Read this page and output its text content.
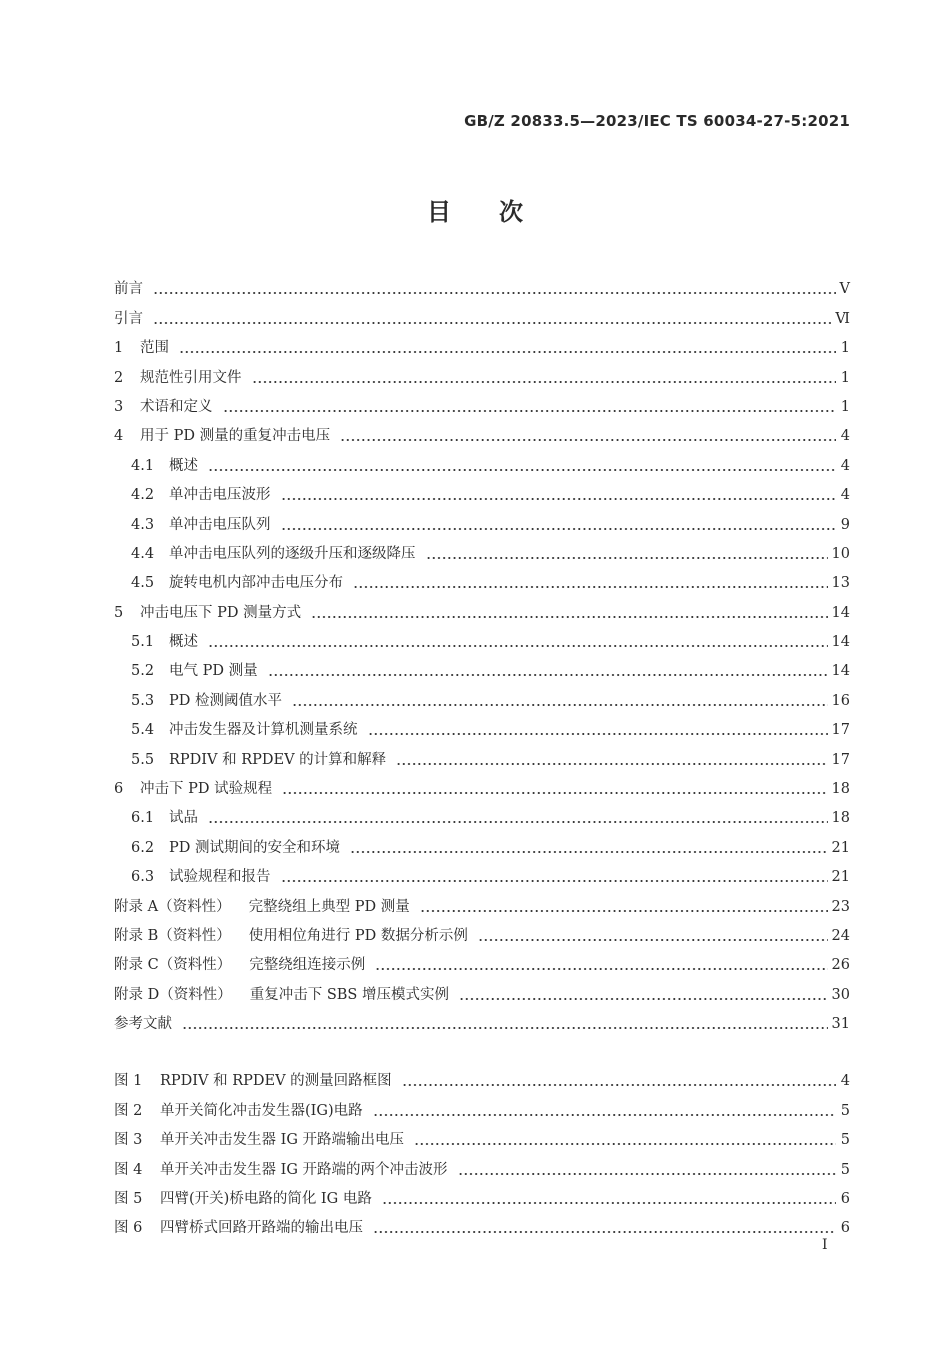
GB/Z 20833.5—2023/IEC TS 60034-27-5:2021
目次
前言	Ⅴ
引言	Ⅵ
1	范围	1
2	规范性引用文件	1
3	术语和定义	1
4	用于 PD 测量的重复冲击电压	4
4.1	概述	4
4.2	单冲击电压波形	4
4.3	单冲击电压队列	9
4.4	单冲击电压队列的逐级升压和逐级降压	10
4.5	旋转电机内部冲击电压分布	13
5	冲击电压下 PD 测量方式	14
5.1	概述	14
5.2	电气 PD 测量	14
5.3	PD 检测阈值水平	16
5.4	冲击发生器及计算机测量系统	17
5.5	RPDIV 和 RPDEV 的计算和解释	17
6	冲击下 PD 试验规程	18
6.1	试品	18
6.2	PD 测试期间的安全和环境	21
6.3	试验规程和报告	21
附录 A（资料性） 完整绕组上典型 PD 测量	23
附录 B（资料性） 使用相位角进行 PD 数据分析示例	24
附录 C（资料性） 完整绕组连接示例	26
附录 D（资料性） 重复冲击下 SBS 增压模式实例	30
参考文献	31
图 1	RPDIV 和 RPDEV 的测量回路框图	4
图 2	单开关简化冲击发生器(IG)电路	5
图 3	单开关冲击发生器 IG 开路端输出电压	5
图 4	单开关冲击发生器 IG 开路端的两个冲击波形	5
图 5	四臂(开关)桥电路的简化 IG 电路	6
图 6	四臂桥式回路开路端的输出电压	6
I
